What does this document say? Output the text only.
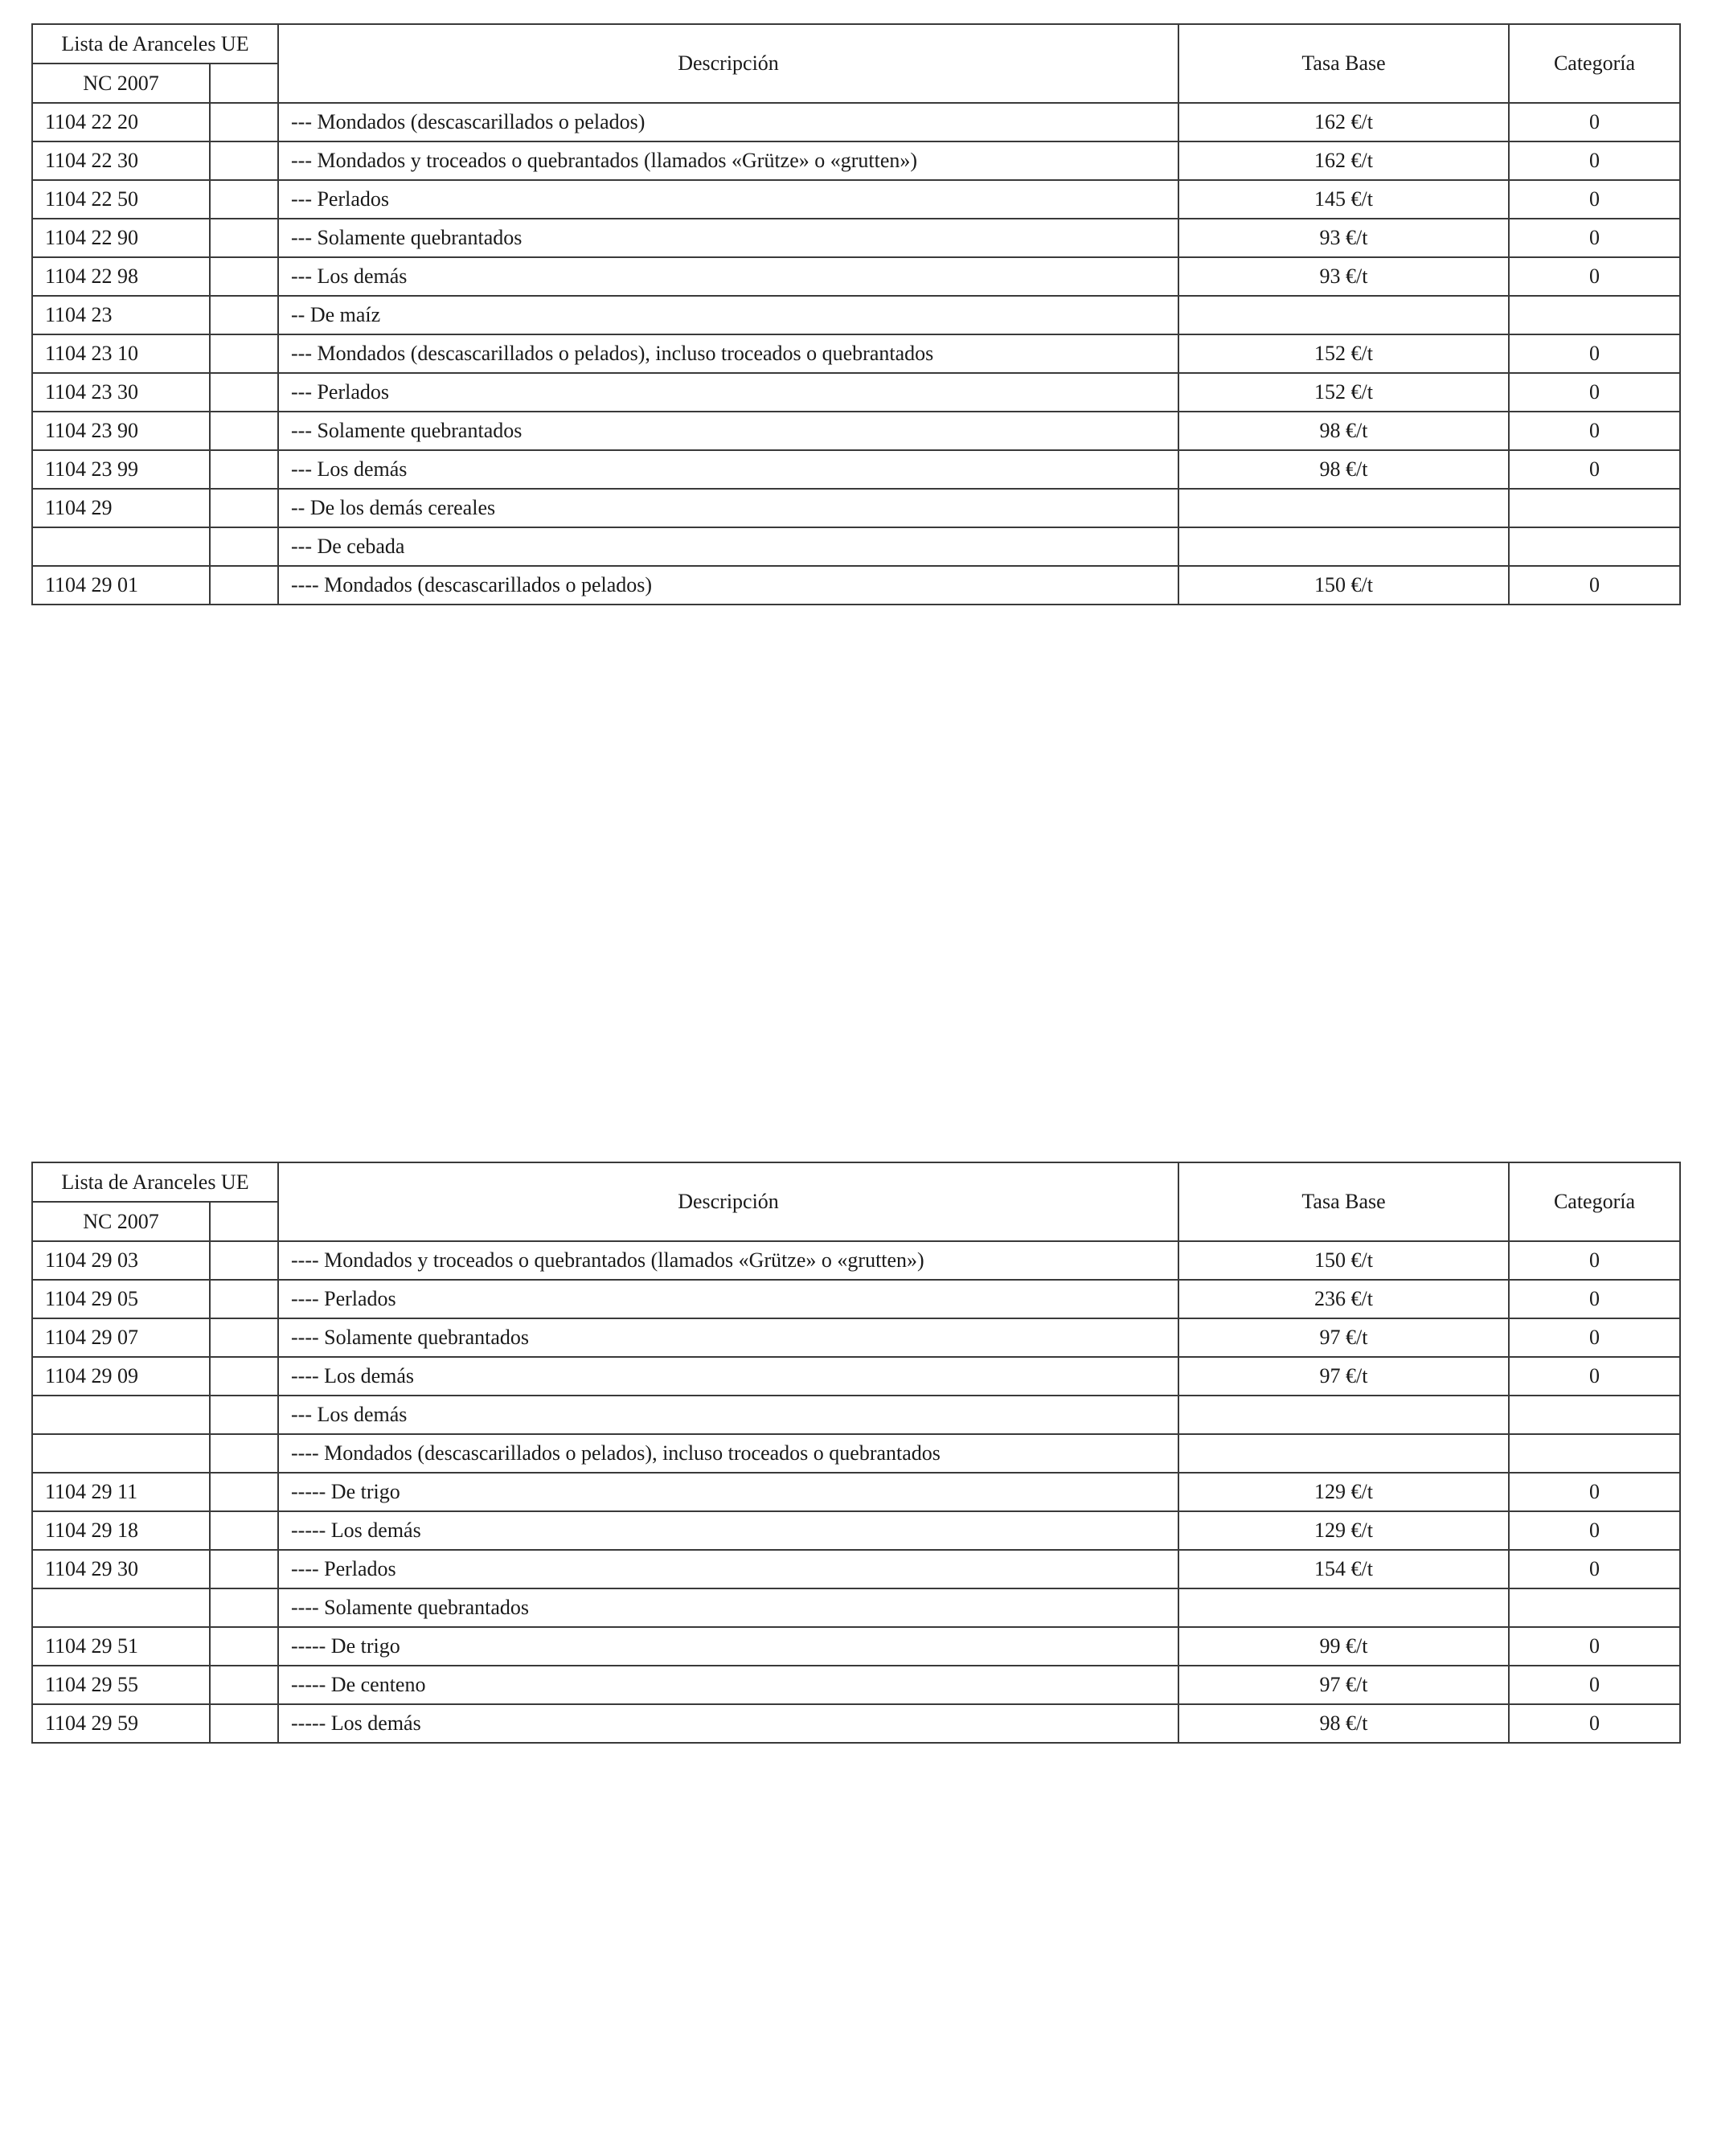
Lista de Aranceles UE		Descripción	Tasa Base	Categoría
NC 2007				
1104 22 20		--- Mondados (descascarillados o pelados)	162 €/t	0
1104 22 30		--- Mondados y troceados o quebrantados (llamados «Grütze» o «grutten»)	162 €/t	0
1104 22 50		--- Perlados	145 €/t	0
1104 22 90		--- Solamente quebrantados	93 €/t	0
1104 22 98		--- Los demás	93 €/t	0
1104 23		-- De maíz		
1104 23 10		--- Mondados (descascarillados o pelados), incluso troceados o quebrantados	152 €/t	0
1104 23 30		--- Perlados	152 €/t	0
1104 23 90		--- Solamente quebrantados	98 €/t	0
1104 23 99		--- Los demás	98 €/t	0
1104 29		-- De los demás cereales		
		--- De cebada		
1104 29 01		---- Mondados (descascarillados o pelados)	150 €/t	0
Lista de Aranceles UE		Descripción	Tasa Base	Categoría
NC 2007				
1104 29 03		---- Mondados y troceados o quebrantados (llamados «Grütze» o «grutten»)	150 €/t	0
1104 29 05		---- Perlados	236 €/t	0
1104 29 07		---- Solamente quebrantados	97 €/t	0
1104 29 09		---- Los demás	97 €/t	0
		--- Los demás		
		---- Mondados (descascarillados o pelados), incluso troceados o quebrantados		
1104 29 11		----- De trigo	129 €/t	0
1104 29 18		----- Los demás	129 €/t	0
1104 29 30		---- Perlados	154 €/t	0
		---- Solamente quebrantados		
1104 29 51		----- De trigo	99 €/t	0
1104 29 55		----- De centeno	97 €/t	0
1104 29 59		----- Los demás	98 €/t	0
